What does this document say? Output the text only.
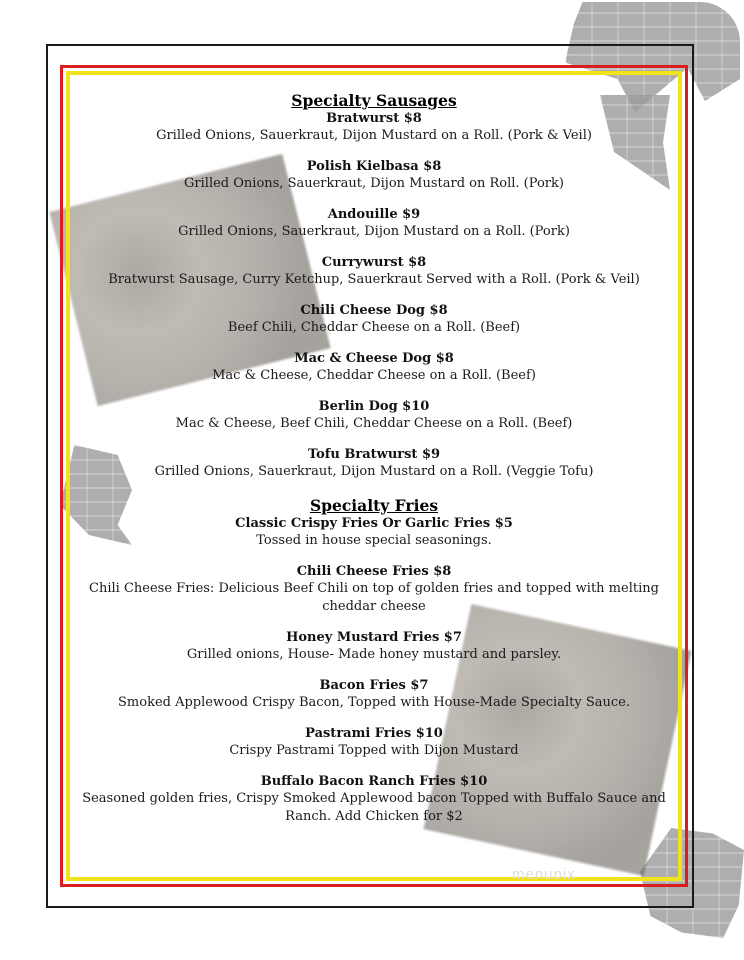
Specialty Sausages
Bratwurst $8
Grilled Onions, Sauerkraut, Dijon Mustard on a Roll. (Pork & Veil)
Polish Kielbasa $8
Grilled Onions, Sauerkraut, Dijon Mustard on Roll. (Pork)
Andouille $9
Grilled Onions, Sauerkraut, Dijon Mustard on a Roll. (Pork)
Currywurst $8
Bratwurst Sausage, Curry Ketchup, Sauerkraut Served with a Roll. (Pork & Veil)
Chili Cheese Dog $8
Beef Chili, Cheddar Cheese on a Roll. (Beef)
Mac & Cheese Dog $8
Mac & Cheese, Cheddar Cheese on a Roll. (Beef)
Berlin Dog $10
Mac & Cheese, Beef Chili, Cheddar Cheese on a Roll. (Beef)
Tofu Bratwurst $9
Grilled Onions, Sauerkraut, Dijon Mustard on a Roll. (Veggie Tofu)
Specialty Fries
Classic Crispy Fries Or Garlic Fries $5
Tossed in house special seasonings.
Chili Cheese Fries $8
Chili Cheese Fries: Delicious Beef Chili on top of golden fries and topped with melting cheddar cheese
Honey Mustard Fries $7
Grilled onions, House- Made honey mustard and parsley.
Bacon Fries $7
Smoked Applewood Crispy Bacon, Topped with House-Made Specialty Sauce.
Pastrami Fries $10
Crispy Pastrami Topped with Dijon Mustard
Buffalo Bacon Ranch Fries $10
Seasoned golden fries, Crispy Smoked Applewood bacon Topped with Buffalo Sauce and Ranch. Add Chicken for $2
menupix
